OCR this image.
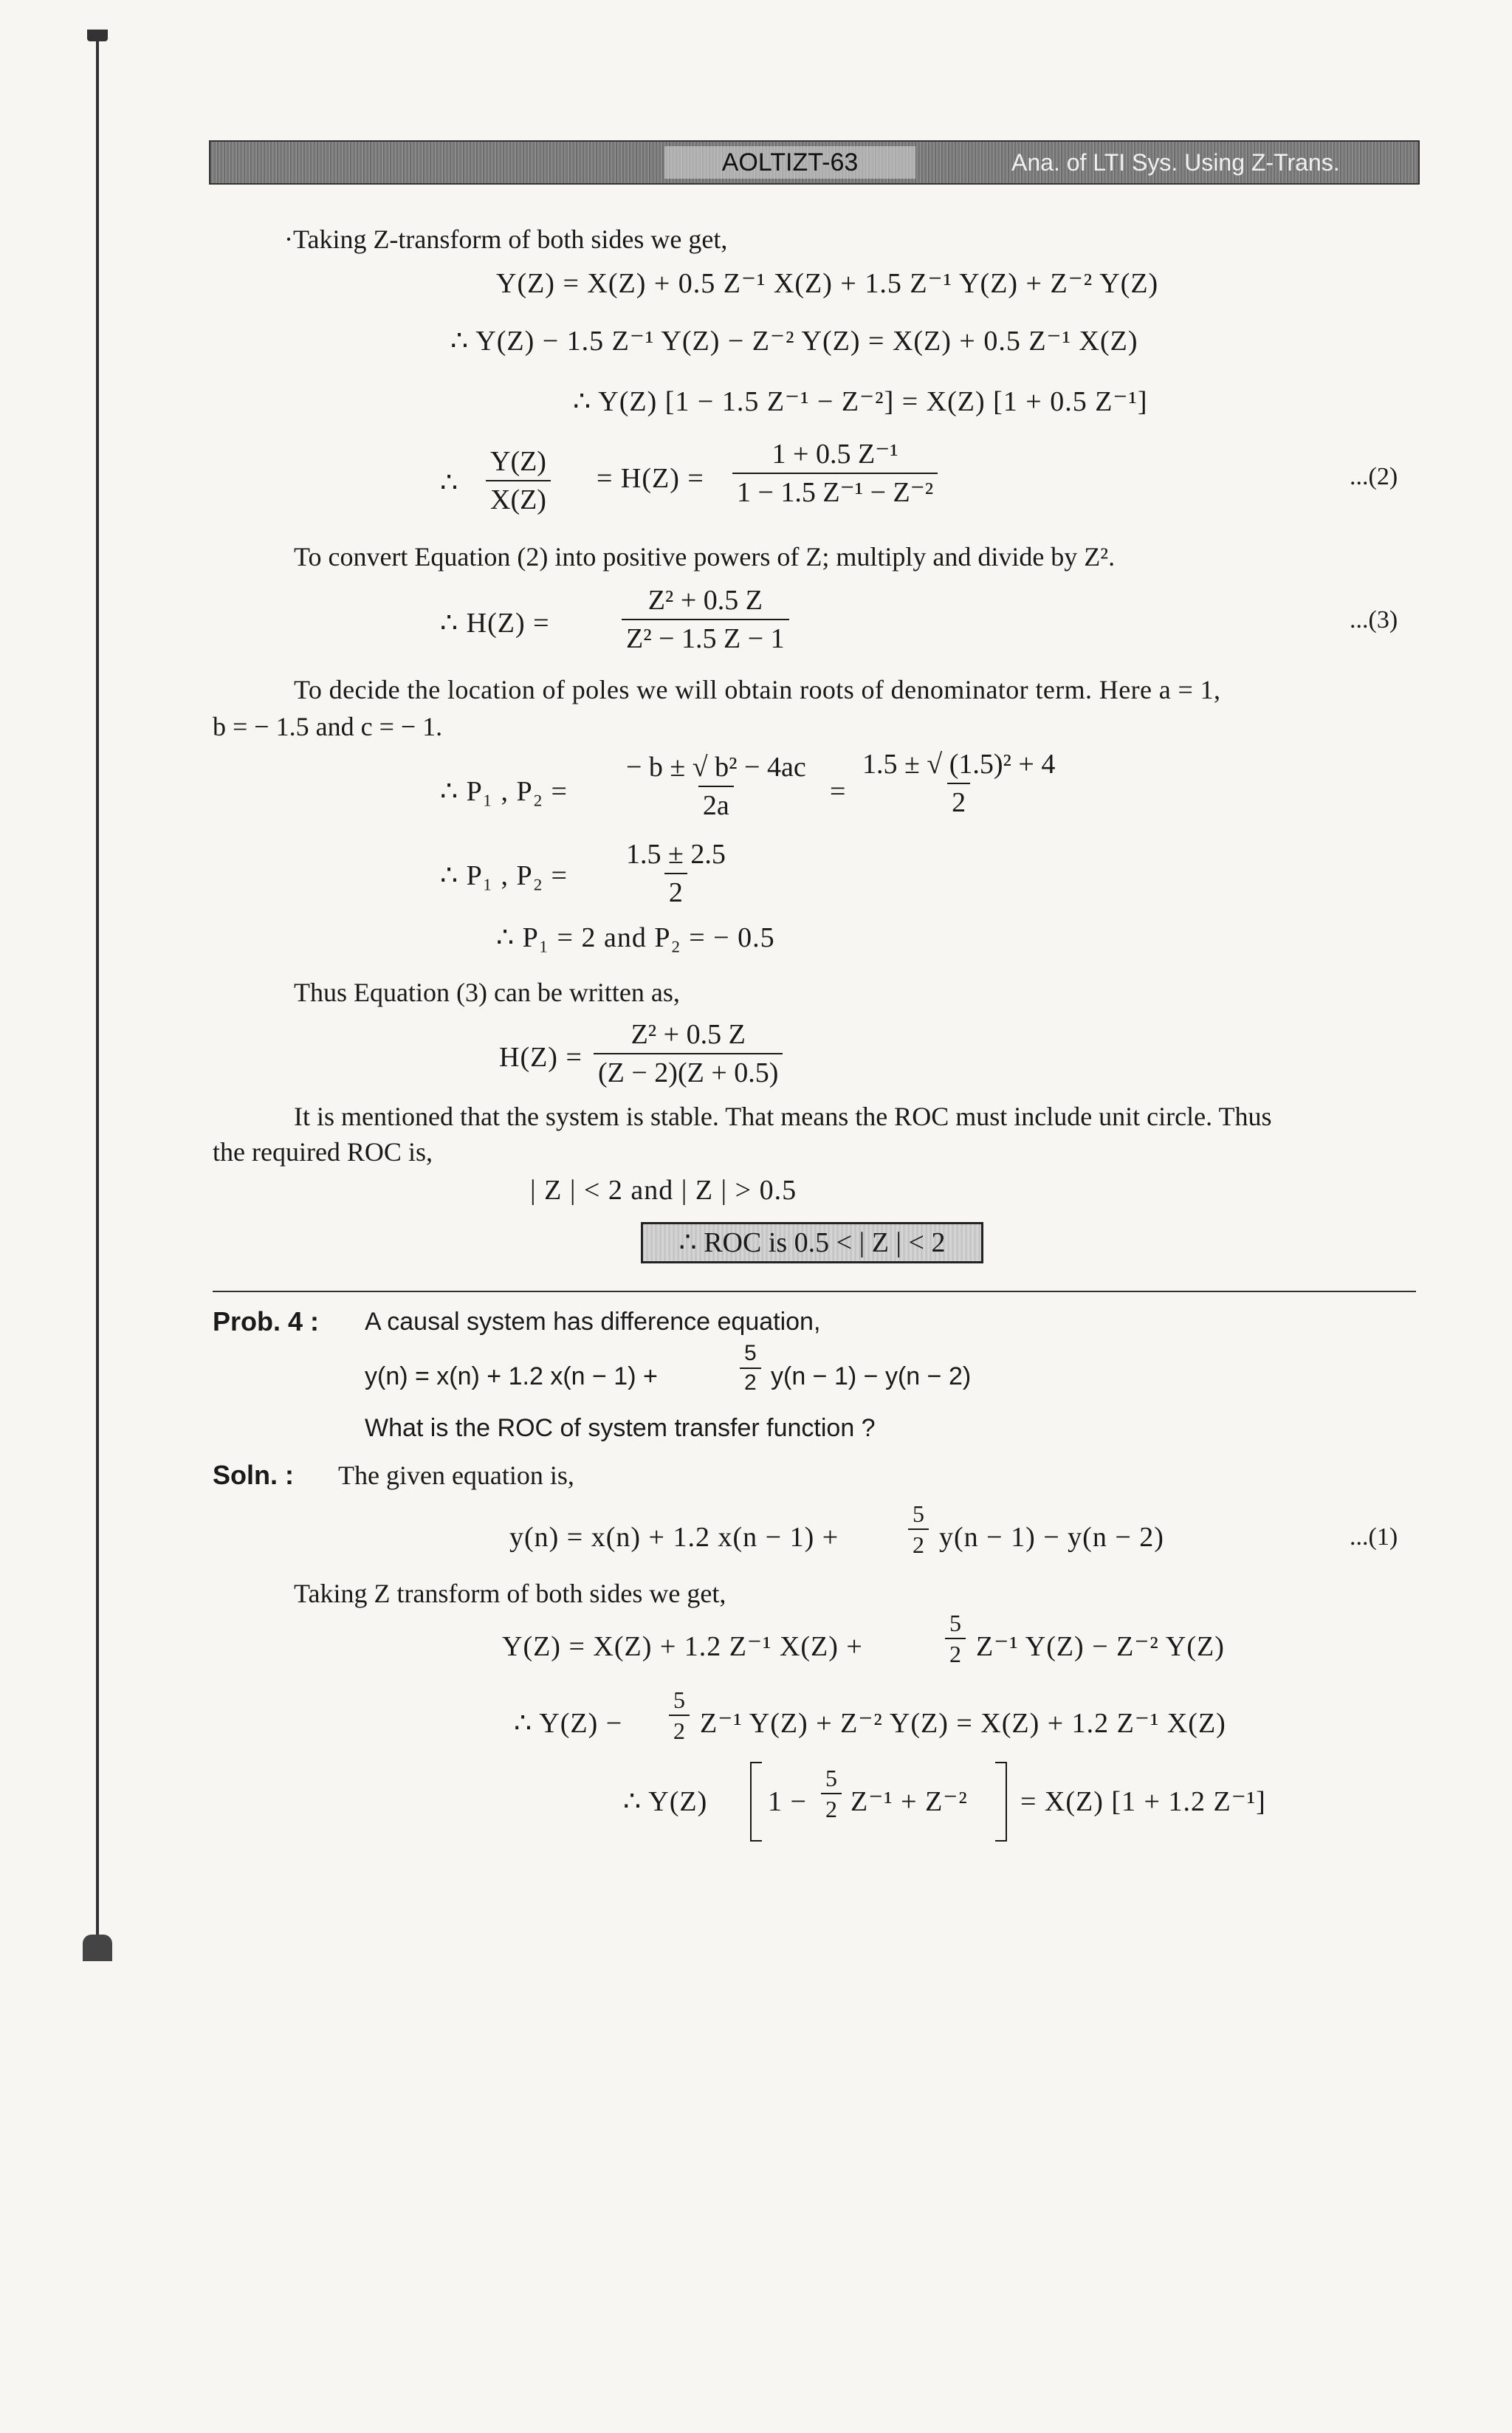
AOLTIZT-63	Ana. of LTI Sys. Using Z-Trans.
·Taking Z-transform of both sides we get,
Y(Z) = X(Z) + 0.5 Z⁻¹ X(Z) + 1.5 Z⁻¹ Y(Z) + Z⁻² Y(Z)
∴ Y(Z) − 1.5 Z⁻¹ Y(Z) − Z⁻² Y(Z) = X(Z) + 0.5 Z⁻¹ X(Z)
∴ Y(Z) [1 − 1.5 Z⁻¹ − Z⁻²] = X(Z) [1 + 0.5 Z⁻¹]
∴ $\frac{Y(Z)}{X(Z)} = H(Z) = \frac{\text{1 + 0.5 Z⁻¹}}{\text{1 − 1.5 Z⁻¹ − Z⁻²}}$	...(2)
To convert Equation (2) into positive powers of Z; multiply and divide by Z².
∴ H(Z) =	$\frac{\text{Z² + 0.5 Z}}{\text{Z² − 1.5 Z − 1}}$	...(3)
To decide the location of poles we will obtain roots of denominator term. Here a = 1,
b = − 1.5 and c = − 1.
∴ P₁ , $P_2 = \frac{\text{− b ± √ b² − 4ac}}{2a} = \frac{\text{1.5 ± √ (1.5)² + 4}}{2}$
∴ P₁ , $P_2 = \frac{1.5 \pm 2.5}{2}$
∴ P₁ = 2 and P₂ = − 0.5
Thus Equation (3) can be written as,
$H(Z) = \frac{\text{Z² + 0.5 Z}}{(Z - 2)(Z + 0.5)}$
It is mentioned that the system is stable. That means the ROC must include unit circle. Thus
the required ROC is,
| Z | < 2 and | Z | > 0.5
∴ ROC is 0.5 < | Z | < 2
Prob. 4 : A causal system has difference equation,
y(n) = x(n) + 1.2 x(n − 1) +	$\frac{5}{2} y(n - 1) - y(n - 2)$
What is the ROC of system transfer function ?
Soln. : The given equation is,
y(n) = x(n) + 1.2 x(n − 1) +	$\frac{5}{2} y(n - 1) - y(n - 2)$	...(1)
Taking Z transform of both sides we get,
Y(Z) = X(Z) + 1.2 Z⁻¹ X(Z) +	$\frac{5}{2} Z^{-1}$ Y(Z) − Z⁻² Y(Z)
∴ $Y(Z) - \frac{5}{2} Z^{-1}$ Y(Z) + Z⁻² Y(Z) = X(Z) + 1.2 Z⁻¹ X(Z)
∴ Y(Z) $1 - \frac{5}{2} Z^{-1} + Z^{-2} = X(Z) [1 + 1.2$ Z⁻¹]
